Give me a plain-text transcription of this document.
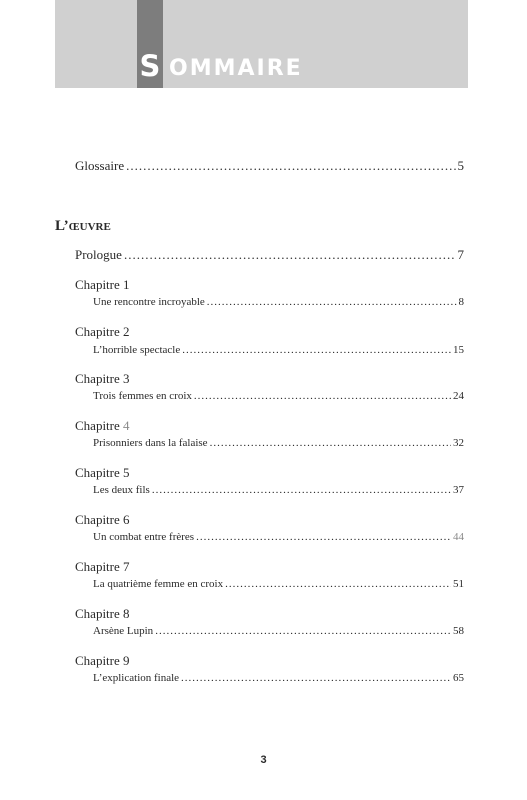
S OMMAIRE
Glossaire .....	5
L’œuvre
Prologue .....	7
Chapitre 1
Une rencontre incroyable .....	8
Chapitre 2
L’horrible spectacle .....	15
Chapitre 3
Trois femmes en croix .....	24
Chapitre 4
Prisonniers dans la falaise .....	32
Chapitre 5
Les deux fils .....	37
Chapitre 6
Un combat entre frères .....	44
Chapitre 7
La quatrième femme en croix .....	51
Chapitre 8
Arsène Lupin .....	58
Chapitre 9
L’explication finale .....	65
3
